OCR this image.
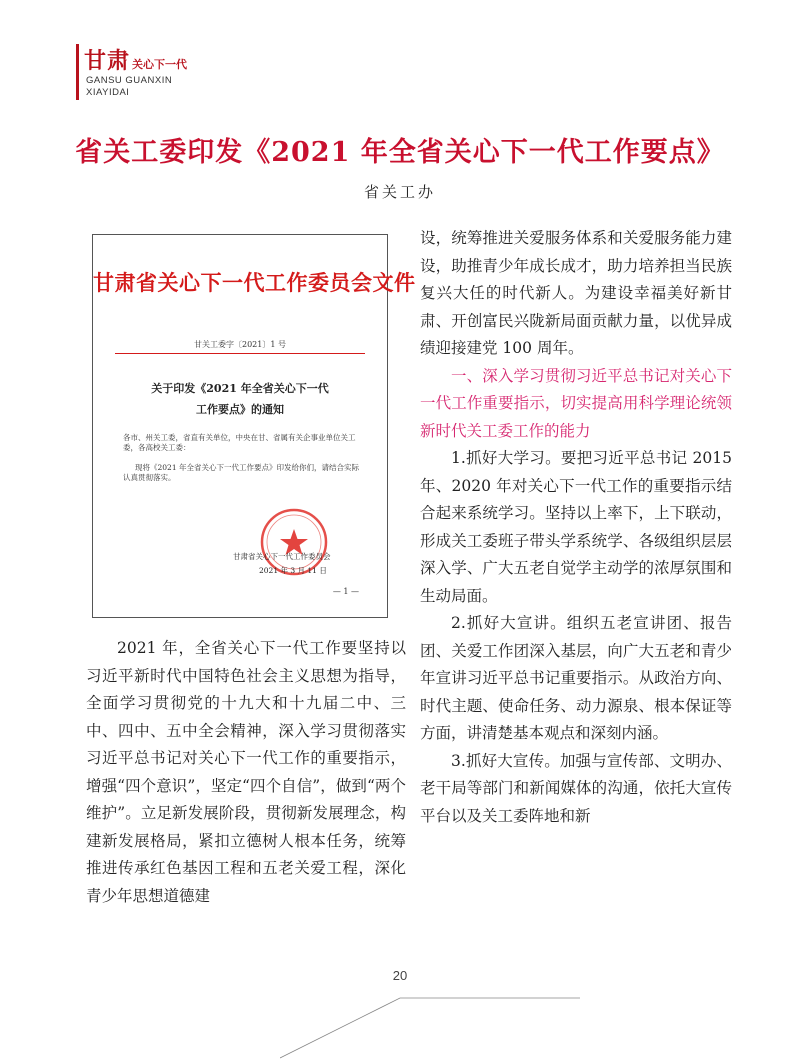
甘肃 关心下一代
GANSU GUANXIN
XIAYIDAI
省关工委印发《2021 年全省关心下一代工作要点》
省关工办
甘肃省关心下一代工作委员会文件
甘关工委字〔2021〕1 号
关于印发《2021 年全省关心下一代
工作要点》的通知
各市、州关工委，省直有关单位，中央在甘、省属有关企事业单位关工委，各高校关工委：
现将《2021 年全省关心下一代工作要点》印发给你们，请结合实际认真贯彻落实。
甘肃省关心下一代工作委员会
2021 年 3 月 11 日
— 1 —

2021 年，全省关心下一代工作要坚持以习近平新时代中国特色社会主义思想为指导，全面学习贯彻党的十九大和十九届二中、三中、四中、五中全会精神，深入学习贯彻落实习近平总书记对关心下一代工作的重要指示，增强“四个意识”，坚定“四个自信”，做到“两个维护”。立足新发展阶段，贯彻新发展理念，构建新发展格局，紧扣立德树人根本任务，统筹推进传承红色基因工程和五老关爱工程，深化青少年思想道德建

设，统筹推进关爱服务体系和关爱服务能力建设，助推青少年成长成才，助力培养担当民族复兴大任的时代新人。为建设幸福美好新甘肃、开创富民兴陇新局面贡献力量，以优异成绩迎接建党 100 周年。

一、深入学习贯彻习近平总书记对关心下一代工作重要指示，切实提高用科学理论统领新时代关工委工作的能力

1.抓好大学习。要把习近平总书记 2015 年、2020 年对关心下一代工作的重要指示结合起来系统学习。坚持以上率下，上下联动，形成关工委班子带头学系统学、各级组织层层深入学、广大五老自觉学主动学的浓厚氛围和生动局面。

2.抓好大宣讲。组织五老宣讲团、报告团、关爱工作团深入基层，向广大五老和青少年宣讲习近平总书记重要指示。从政治方向、时代主题、使命任务、动力源泉、根本保证等方面，讲清楚基本观点和深刻内涵。

3.抓好大宣传。加强与宣传部、文明办、老干局等部门和新闻媒体的沟通，依托大宣传平台以及关工委阵地和新

20
